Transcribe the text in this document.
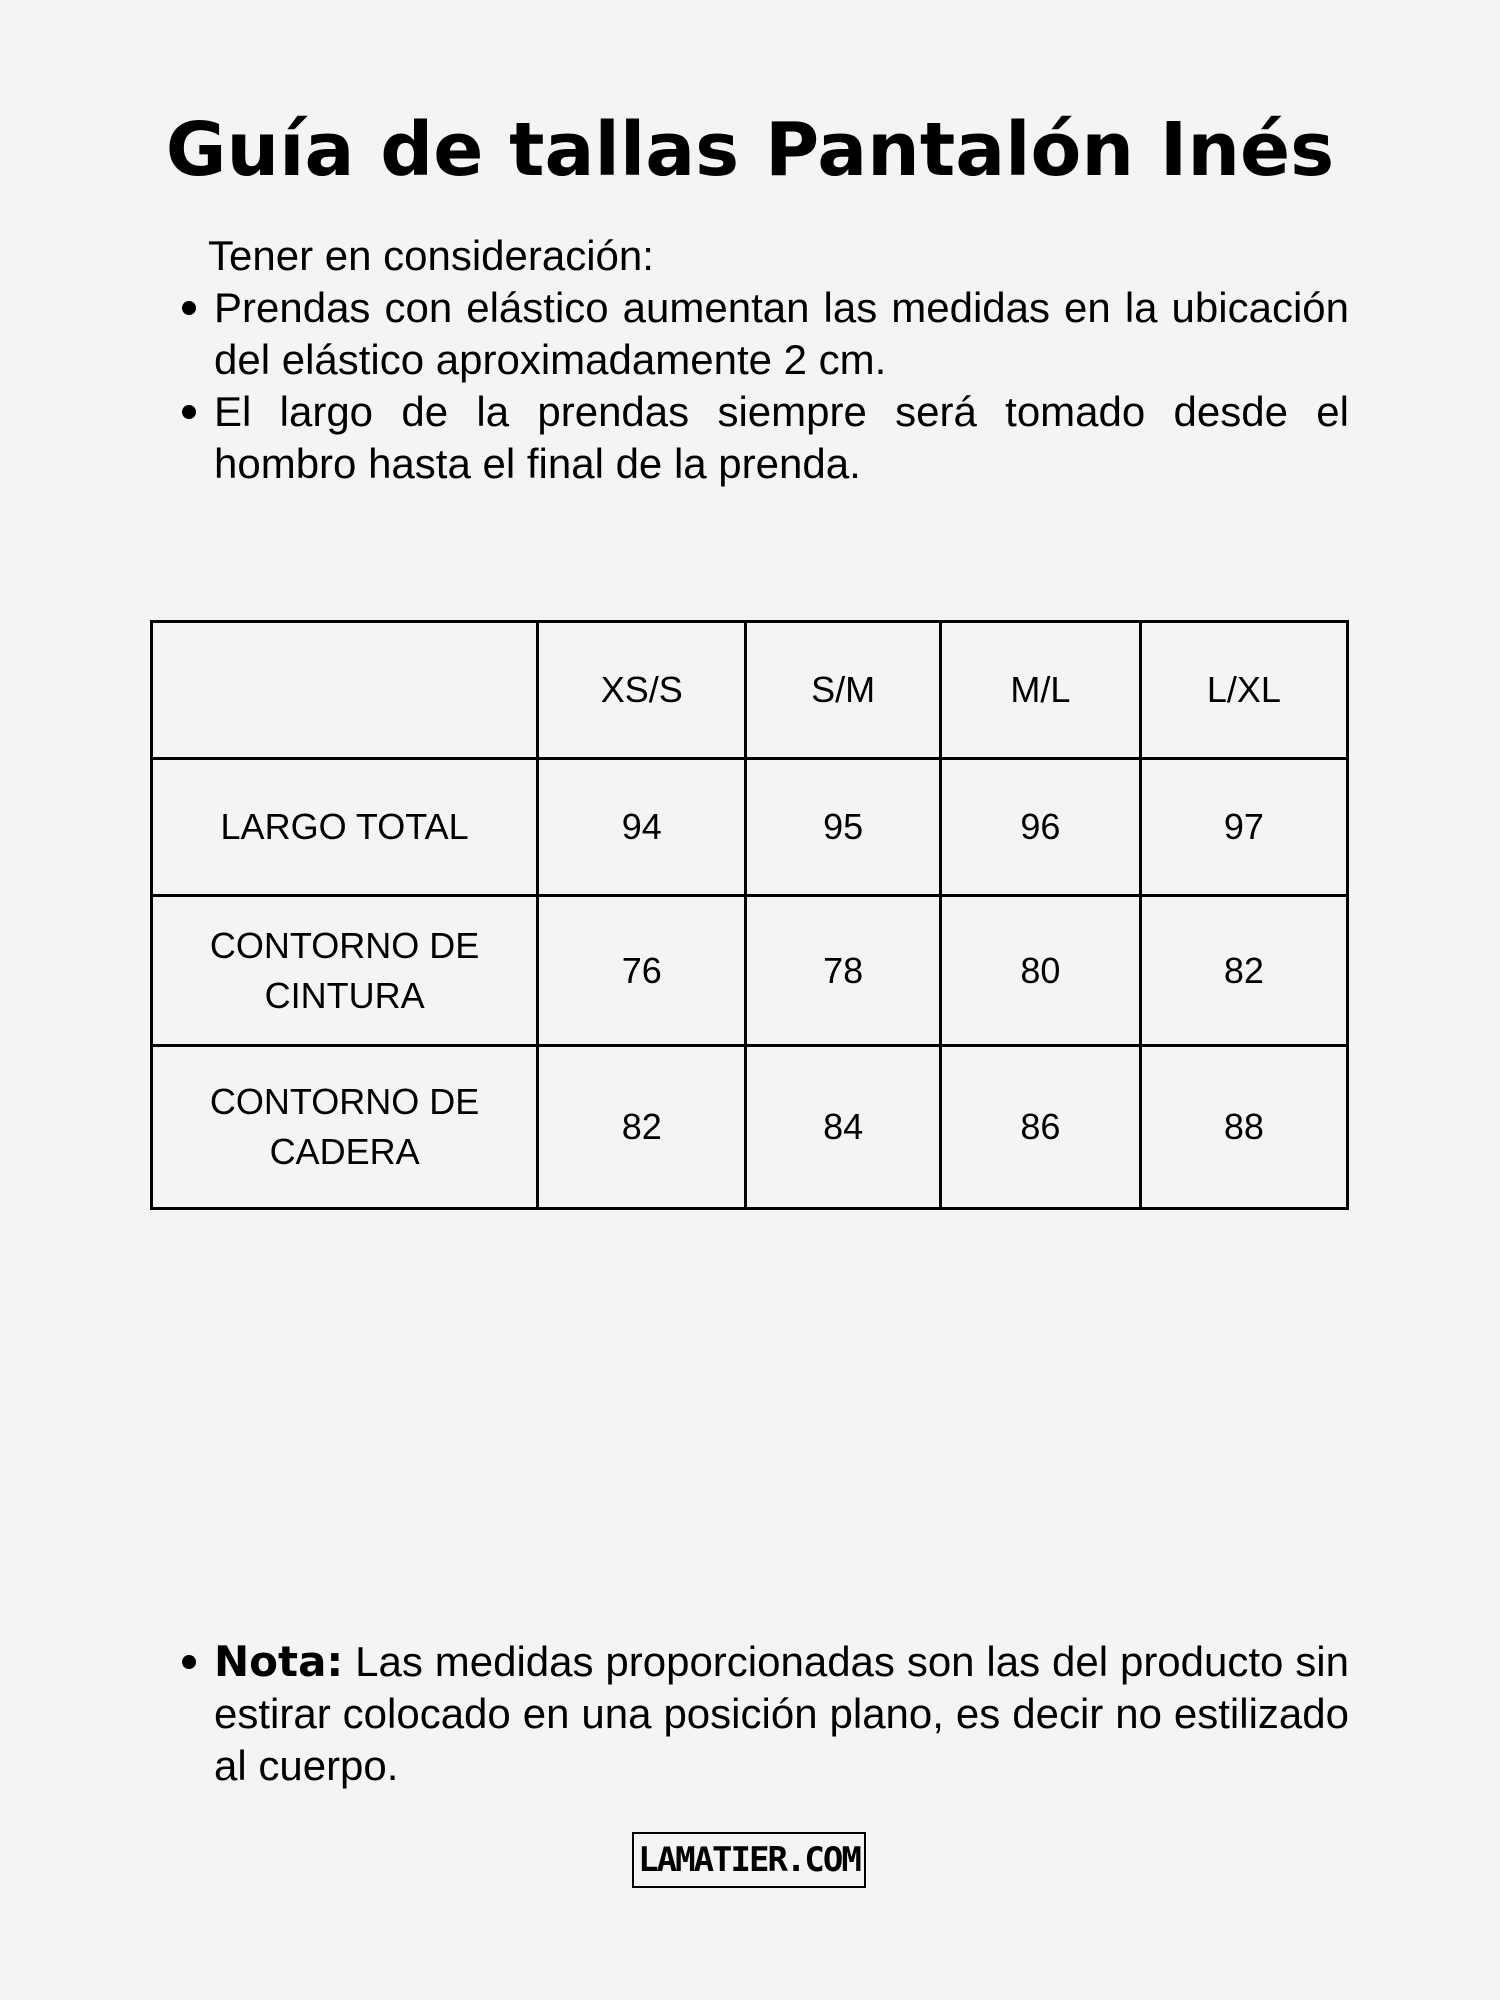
Guía de tallas Pantalón Inés
Tener en consideración:
Prendas con elástico aumentan las medidas en la ubicación del elástico aproximadamente 2 cm.
El largo de la prendas siempre será tomado desde el hombro hasta el final de la prenda.
	XS/S	S/M	M/L	L/XL
LARGO TOTAL	94	95	96	97
CONTORNO DE CINTURA	76	78	80	82
CONTORNO DE CADERA	82	84	86	88
Nota: Las medidas proporcionadas son las del producto sin estirar colocado en una posición plano, es decir no estilizado al cuerpo.
LAMATIER.COM
